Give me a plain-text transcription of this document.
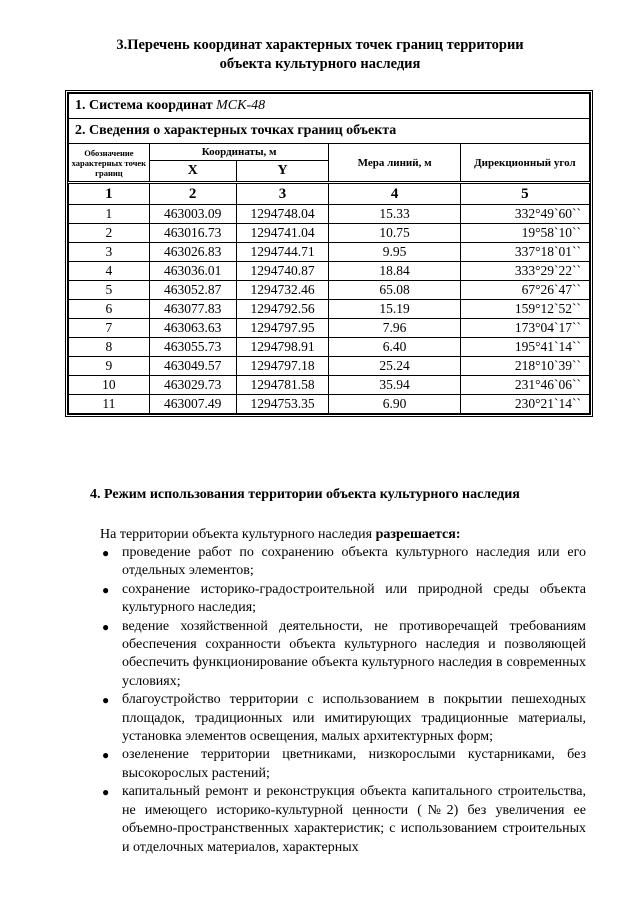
3.Перечень координат характерных точек границ территории
объекта культурного наследия
1. Система координат МСК-48				
2. Сведения о характерных точках границ объекта				
Обозначение характерных точек границ	Координаты, м		Мера линий, м	Дирекционный угол
	X	Y		
1	2	3	4	5
1	463003.09	1294748.04	15.33	332°49`60``
2	463016.73	1294741.04	10.75	19°58`10``
3	463026.83	1294744.71	9.95	337°18`01``
4	463036.01	1294740.87	18.84	333°29`22``
5	463052.87	1294732.46	65.08	67°26`47``
6	463077.83	1294792.56	15.19	159°12`52``
7	463063.63	1294797.95	7.96	173°04`17``
8	463055.73	1294798.91	6.40	195°41`14``
9	463049.57	1294797.18	25.24	218°10`39``
10	463029.73	1294781.58	35.94	231°46`06``
11	463007.49	1294753.35	6.90	230°21`14``
4. Режим использования территории объекта культурного наследия
На территории объекта культурного наследия разрешается:
● проведение работ по сохранению объекта культурного наследия или его отдельных элементов;
● сохранение историко-градостроительной или природной среды объекта культурного наследия;
● ведение хозяйственной деятельности, не противоречащей требованиям обеспечения сохранности объекта культурного наследия и позволяющей обеспечить функционирование объекта культурного наследия в современных условиях;
● благоустройство территории с использованием в покрытии пешеходных площадок, традиционных или имитирующих традиционные материалы, установка элементов освещения, малых архитектурных форм;
● озеленение территории цветниками, низкорослыми кустарниками, без высокорослых растений;
● капитальный ремонт и реконструкция объекта капитального строительства, не имеющего историко-культурной ценности (№2) без увеличения ее объемно-пространственных характеристик; с использованием строительных и отделочных материалов, характерных
